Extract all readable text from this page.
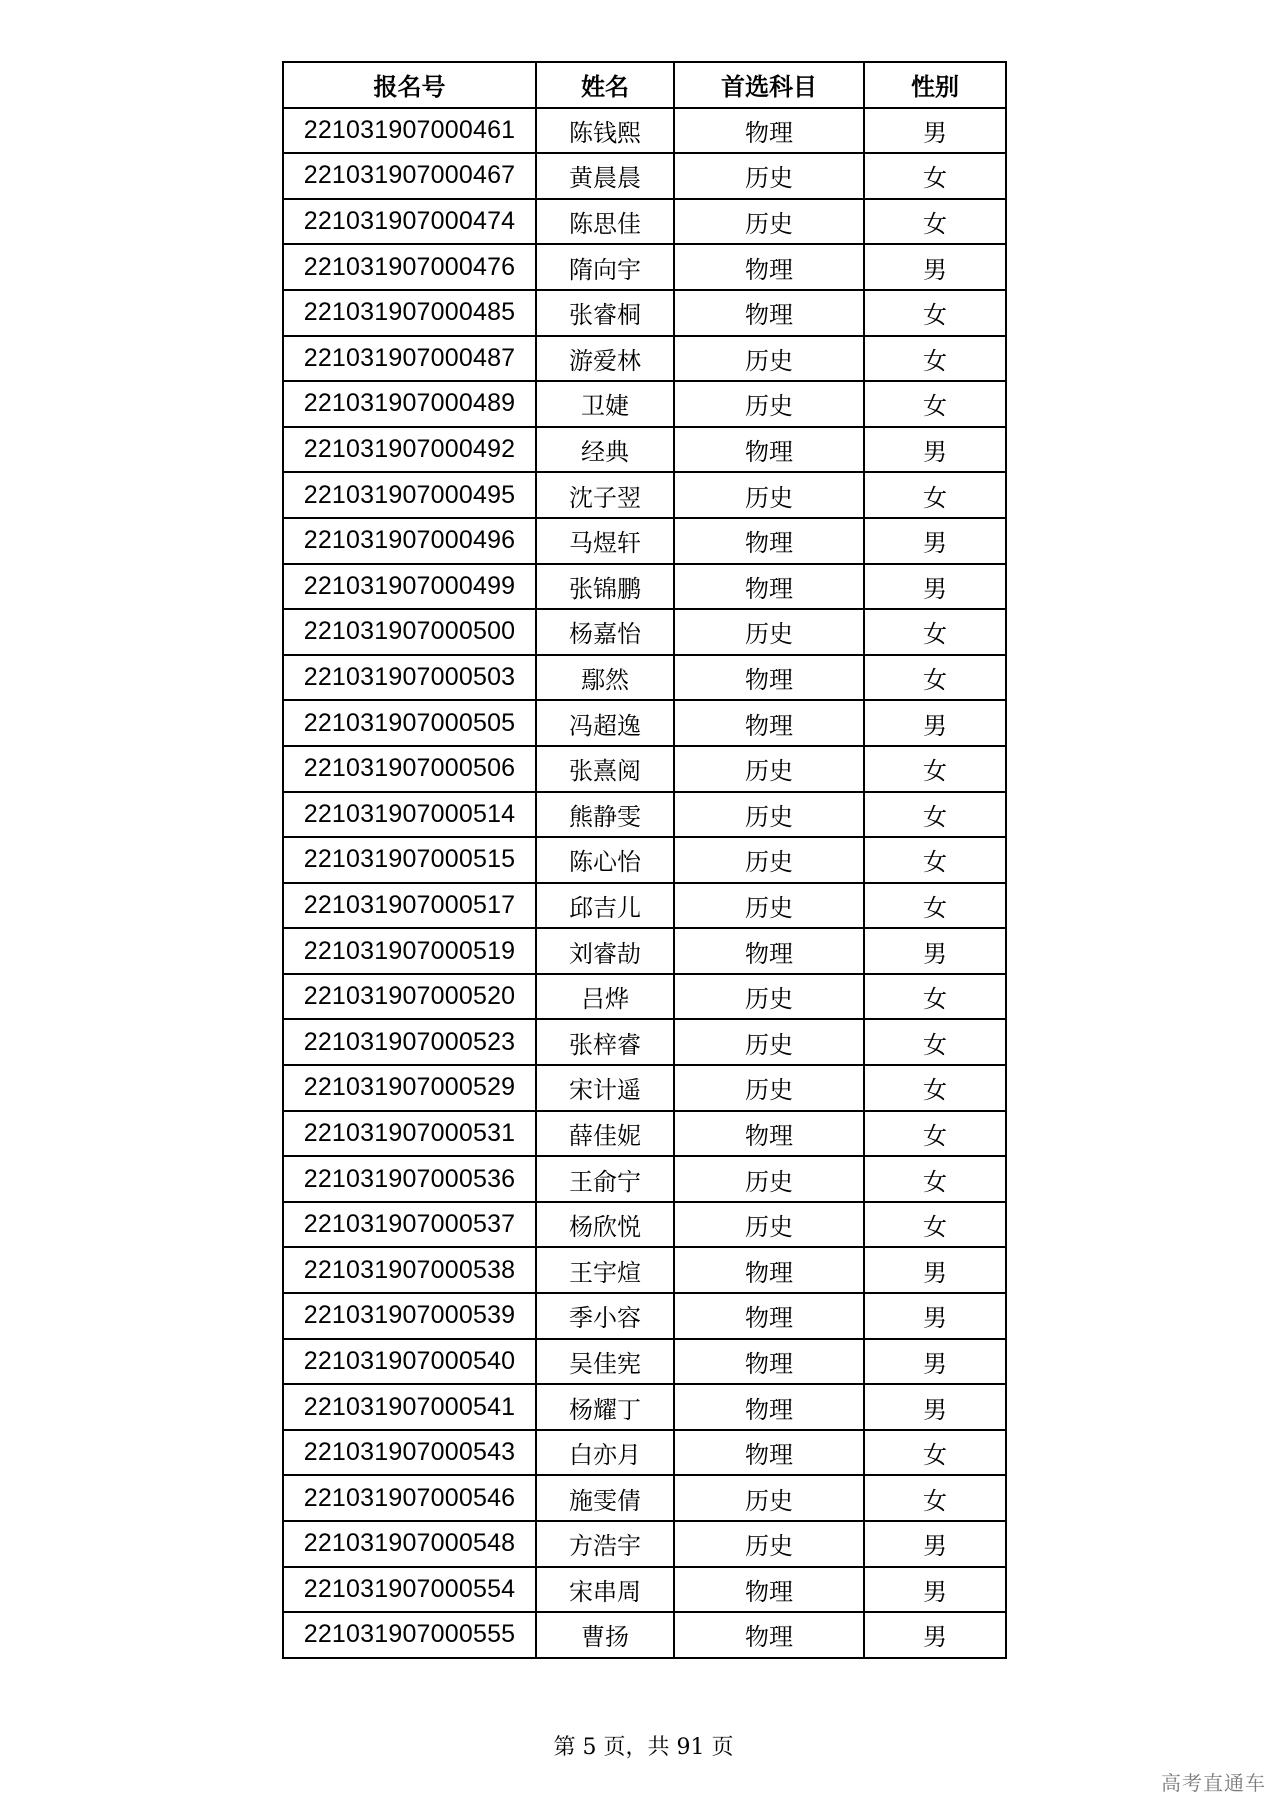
报名号	姓名	首选科目	性别
221031907000461	陈钱熙	物理	男
221031907000467	黄晨晨	历史	女
221031907000474	陈思佳	历史	女
221031907000476	隋向宇	物理	男
221031907000485	张睿桐	物理	女
221031907000487	游爱林	历史	女
221031907000489	卫婕	历史	女
221031907000492	经典	物理	男
221031907000495	沈子翌	历史	女
221031907000496	马煜轩	物理	男
221031907000499	张锦鹏	物理	男
221031907000500	杨嘉怡	历史	女
221031907000503	鄢然	物理	女
221031907000505	冯超逸	物理	男
221031907000506	张熹阅	历史	女
221031907000514	熊静雯	历史	女
221031907000515	陈心怡	历史	女
221031907000517	邱吉儿	历史	女
221031907000519	刘睿劼	物理	男
221031907000520	吕烨	历史	女
221031907000523	张梓睿	历史	女
221031907000529	宋计遥	历史	女
221031907000531	薛佳妮	物理	女
221031907000536	王俞宁	历史	女
221031907000537	杨欣悦	历史	女
221031907000538	王宇煊	物理	男
221031907000539	季小容	物理	男
221031907000540	吴佳宪	物理	男
221031907000541	杨耀丁	物理	男
221031907000543	白亦月	物理	女
221031907000546	施雯倩	历史	女
221031907000548	方浩宇	历史	男
221031907000554	宋串周	物理	男
221031907000555	曹扬	物理	男
第 5 页，共 91 页
高考直通车
